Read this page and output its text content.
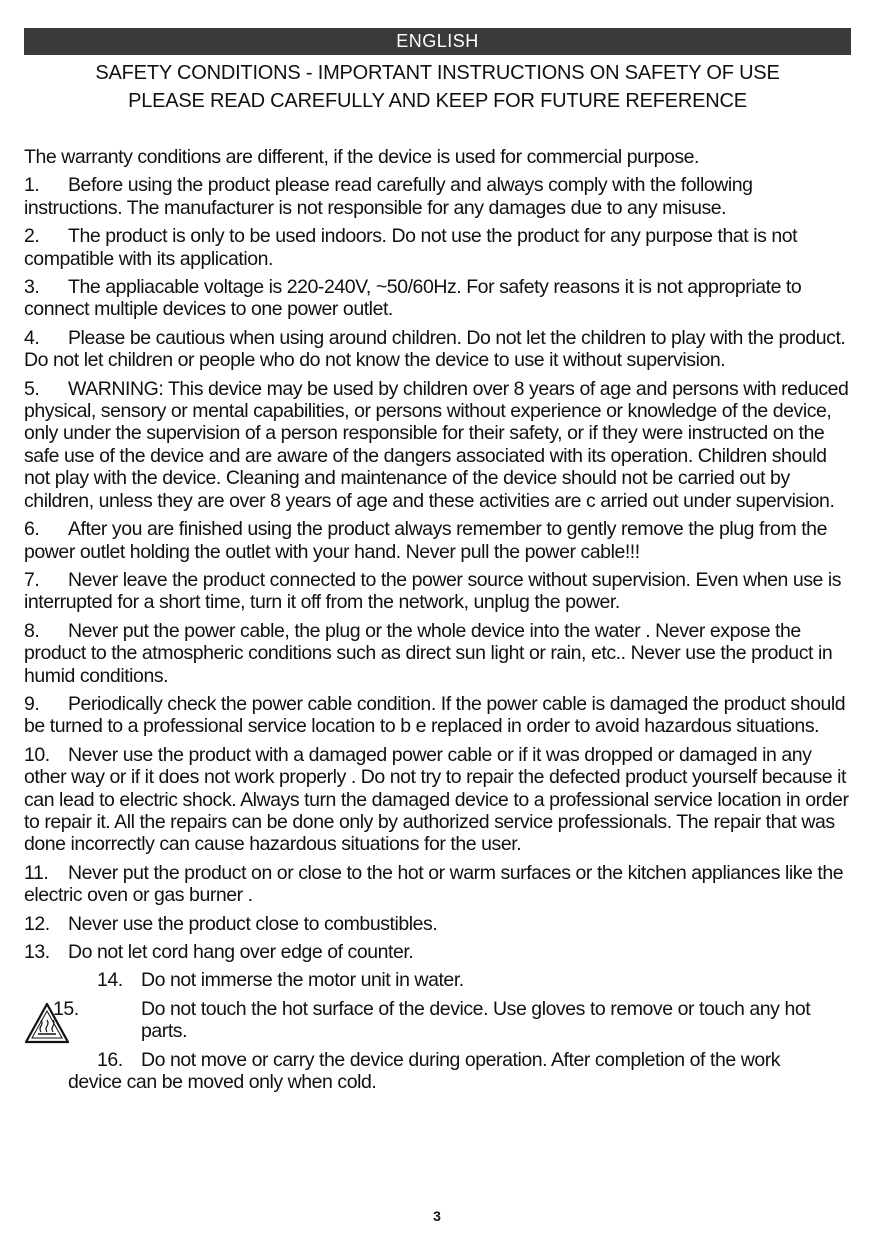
ENGLISH
SAFETY CONDITIONS - IMPORTANT INSTRUCTIONS ON SAFETY OF USE
PLEASE READ CAREFULLY AND KEEP FOR FUTURE REFERENCE

The warranty conditions are different, if the device is used for commercial purpose.

1. Before using the product please read carefully and always comply with the following instructions. The manufacturer is not responsible for any damages due to any misuse.

2. The product is only to be used indoors. Do not use the product for any purpose that is not compatible with its application.

3. The appliacable voltage is 220-240V, ~50/60Hz. For safety reasons it is not appropriate to connect multiple devices to one power outlet.

4. Please be cautious when using around children. Do not let the children to play with the product. Do not let children or people who do not know the device to use it without supervision.

5. WARNING: This device may be used by children over 8 years of age and persons with reduced physical, sensory or mental capabilities, or persons without experience or knowledge of the device, only under the supervision of a person responsible for their safety, or if they were instructed on the safe use of the device and are aware of the dangers associated with its operation. Children should not play with the device. Cleaning and maintenance of the device should not be carried out by children, unless they are over 8 years of age and these activities are c arried out under supervision.

6. After you are finished using the product always remember to gently remove the plug from the power outlet holding the outlet with your hand. Never pull the power cable!!!

7. Never leave the product connected to the power source without supervision. Even when use is interrupted for a short time, turn it off from the network, unplug the power.

8. Never put the power cable, the plug or the whole device into the water . Never expose the product to the atmospheric conditions such as direct sun light or rain, etc.. Never use the product in humid conditions.

9. Periodically check the power cable condition. If the power cable is damaged the product should be turned to a professional service location to b e replaced in order to avoid hazardous situations.

10. Never use the product with a damaged power cable or if it was dropped or damaged in any other way or if it does not work properly . Do not try to repair the defected product yourself because it can lead to electric shock. Always turn the damaged device to a professional service location in order to repair it. All the repairs can be done only by authorized service professionals. The repair that was done incorrectly can cause hazardous situations for the user.

11. Never put the product on or close to the hot or warm surfaces or the kitchen appliances like the electric oven or gas burner .

12. Never use the product close to combustibles.

13. Do not let cord hang over edge of counter.

14. Do not immerse the motor unit in water.

15.	Do not touch the hot surface of the device. Use gloves to remove or touch any hot parts.

16. Do not move or carry the device during operation. After completion of the work
device can be moved only when cold.

3
